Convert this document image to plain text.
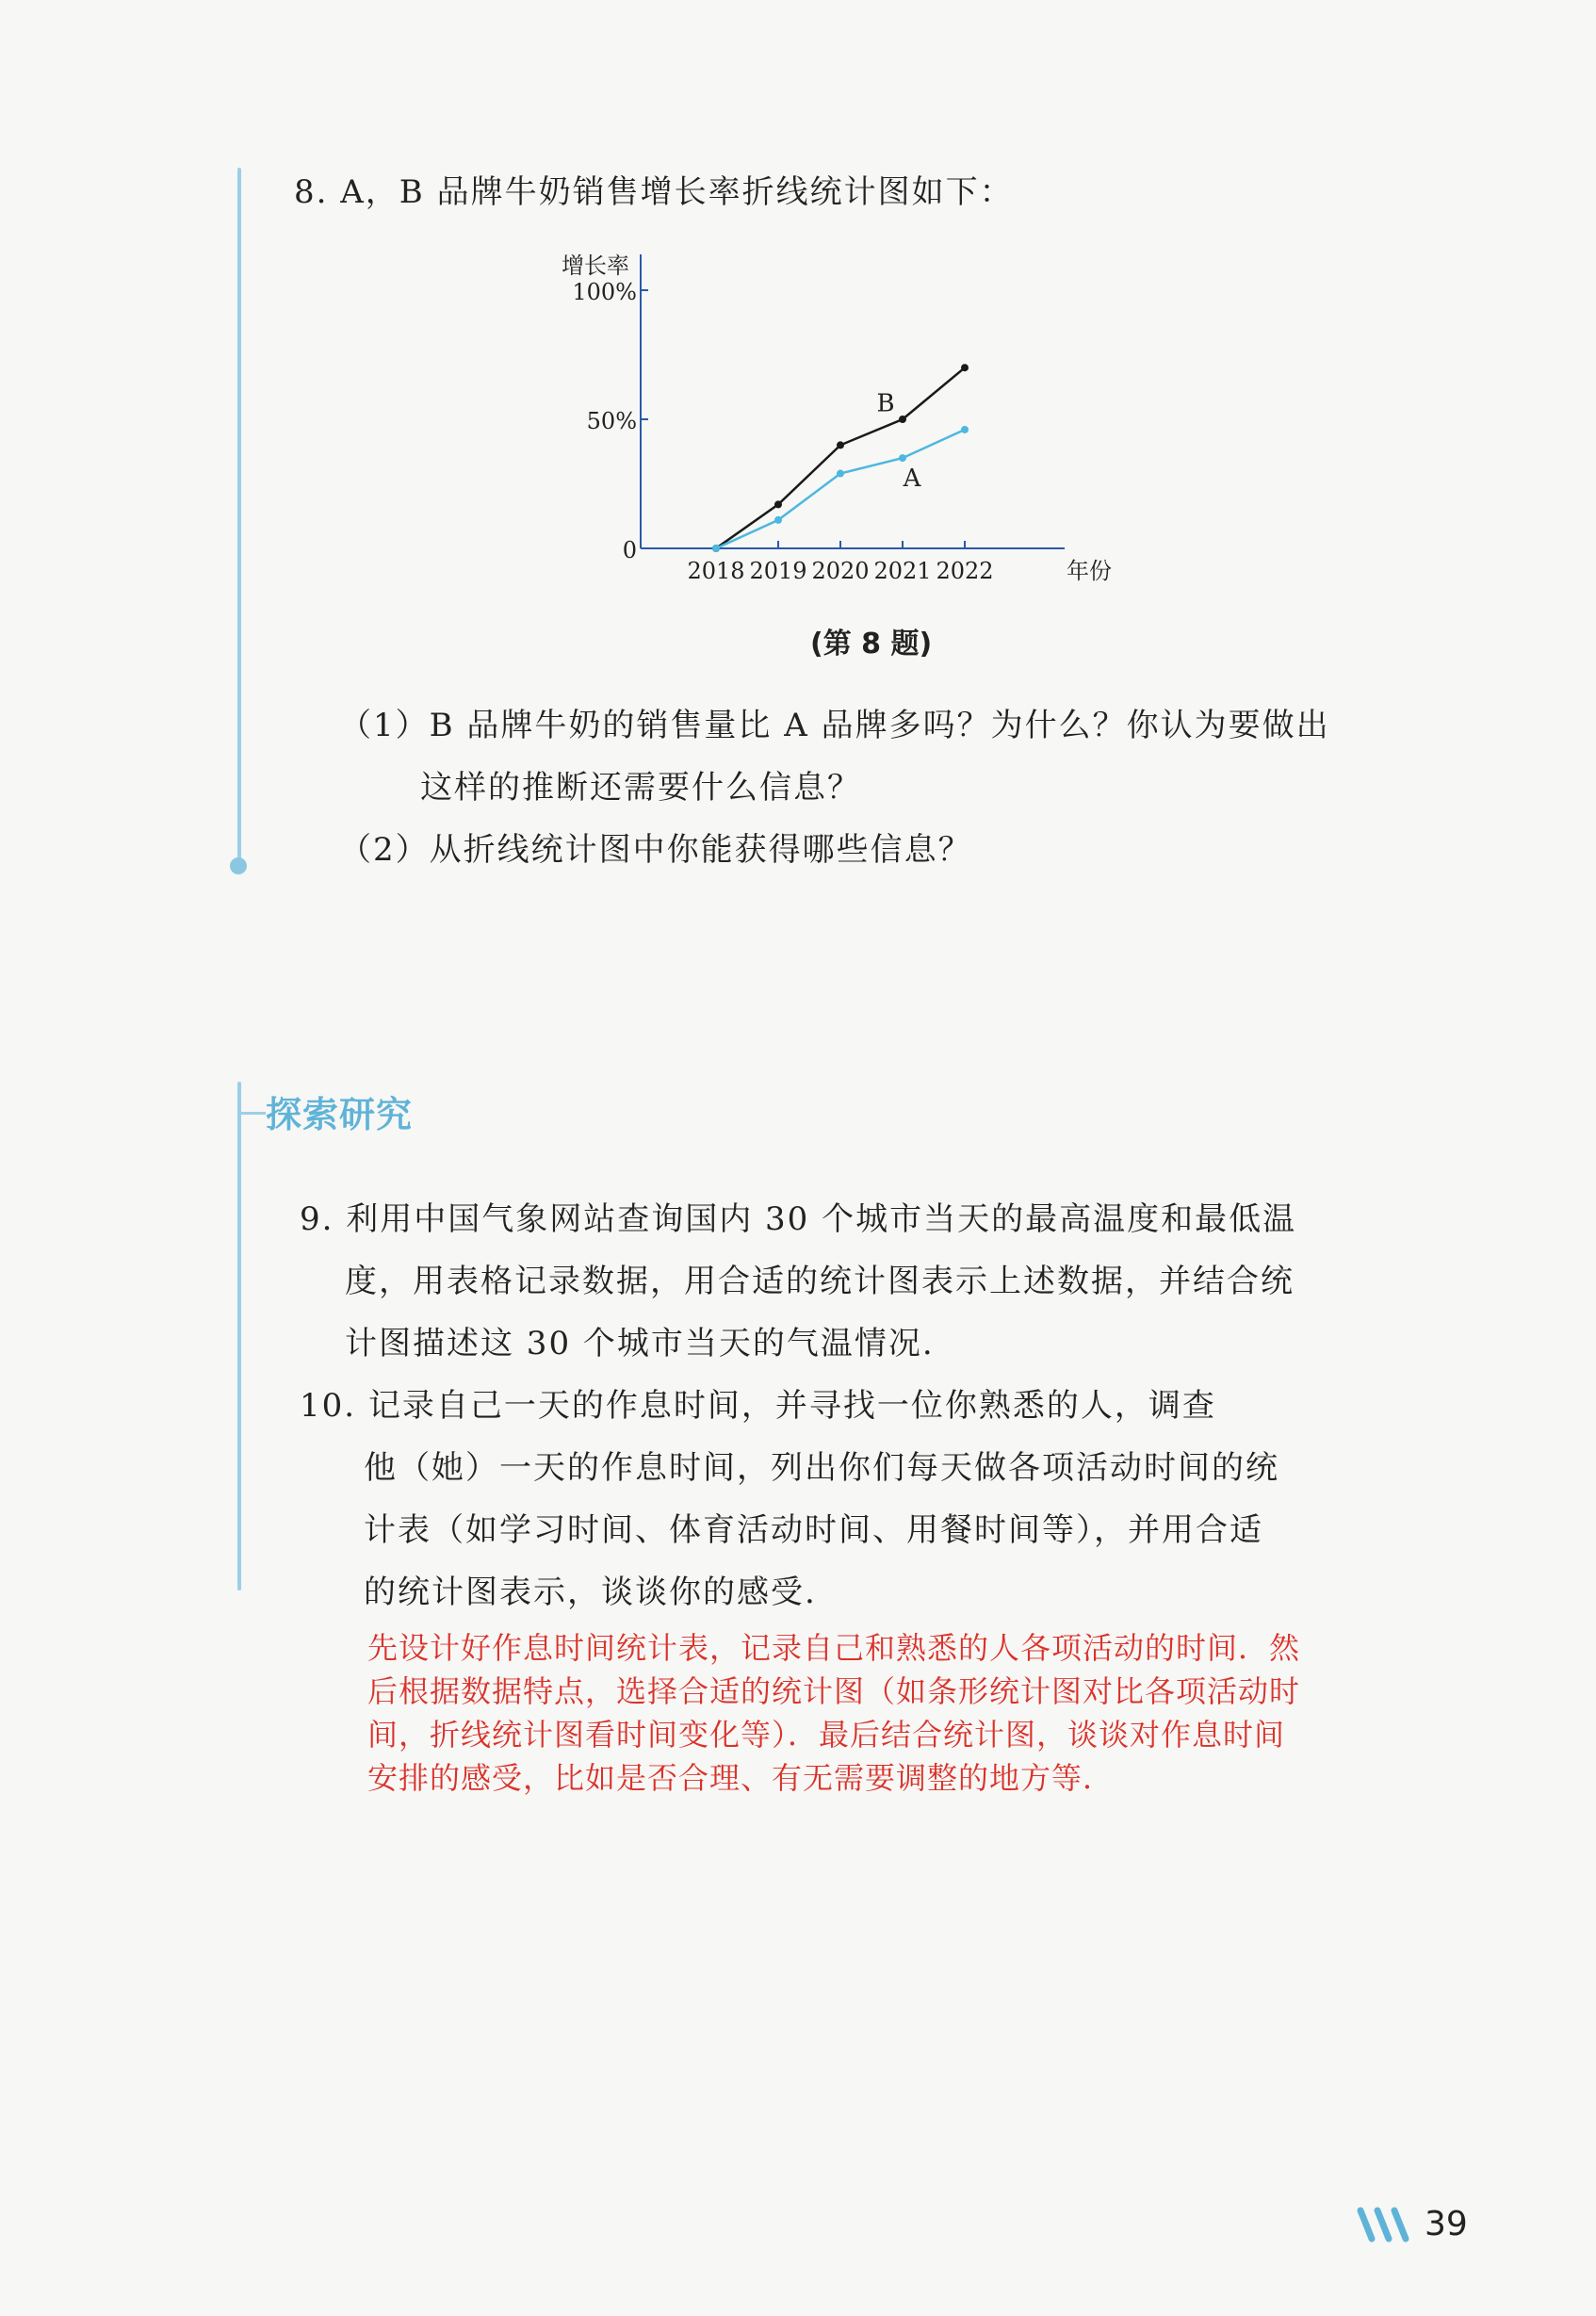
8. A，B 品牌牛奶销售增长率折线统计图如下：
0
50%
100%
2018 2019 2020 2021 2022
增长率
年份
B
A
(第 8 题)
（1）B 品牌牛奶的销售量比 A 品牌多吗？为什么？你认为要做出
这样的推断还需要什么信息？
（2）从折线统计图中你能获得哪些信息？
探索研究
9. 利用中国气象网站查询国内 30 个城市当天的最高温度和最低温
度，用表格记录数据，用合适的统计图表示上述数据，并结合统
计图描述这 30 个城市当天的气温情况.
10. 记录自己一天的作息时间，并寻找一位你熟悉的人，调查
他（她）一天的作息时间，列出你们每天做各项活动时间的统
计表（如学习时间、体育活动时间、用餐时间等），并用合适
的统计图表示，谈谈你的感受.
先设计好作息时间统计表，记录自己和熟悉的人各项活动的时间．然
后根据数据特点，选择合适的统计图（如条形统计图对比各项活动时
间，折线统计图看时间变化等）．最后结合统计图，谈谈对作息时间
安排的感受，比如是否合理、有无需要调整的地方等．
39
